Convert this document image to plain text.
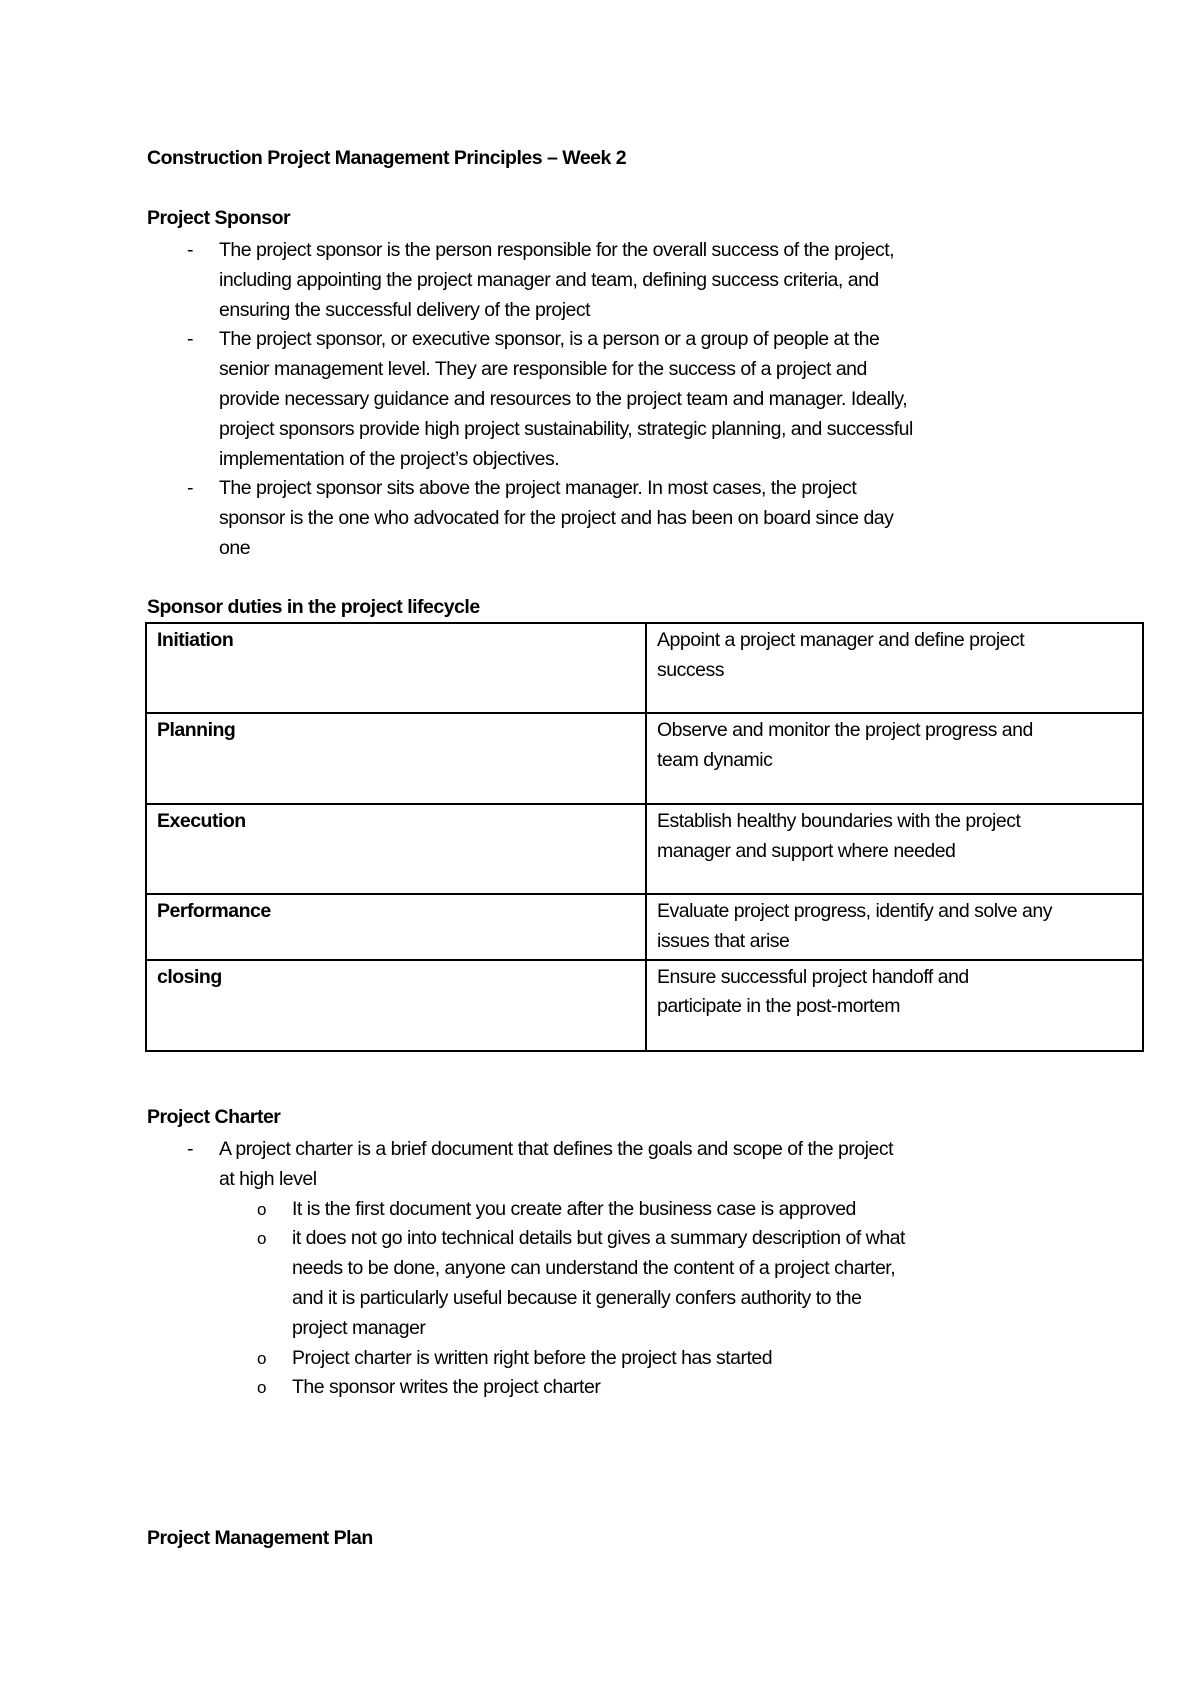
Construction Project Management Principles – Week 2
Project Sponsor
- The project sponsor is the person responsible for the overall success of the project,
including appointing the project manager and team, defining success criteria, and
ensuring the successful delivery of the project
- The project sponsor, or executive sponsor, is a person or a group of people at the
senior management level. They are responsible for the success of a project and
provide necessary guidance and resources to the project team and manager. Ideally,
project sponsors provide high project sustainability, strategic planning, and successful
implementation of the project’s objectives.
- The project sponsor sits above the project manager. In most cases, the project
sponsor is the one who advocated for the project and has been on board since day
one
Sponsor duties in the project lifecycle
Initiation	Appoint a project manager and define project
success

Planning	Observe and monitor the project progress and
team dynamic

Execution	Establish healthy boundaries with the project
manager and support where needed

Performance	Evaluate project progress, identify and solve any
issues that arise

closing	Ensure successful project handoff and
participate in the post-mortem
Project Charter
- A project charter is a brief document that defines the goals and scope of the project
at high level
o It is the first document you create after the business case is approved
o it does not go into technical details but gives a summary description of what
needs to be done, anyone can understand the content of a project charter,
and it is particularly useful because it generally confers authority to the
project manager
o Project charter is written right before the project has started
o The sponsor writes the project charter
Project Management Plan
